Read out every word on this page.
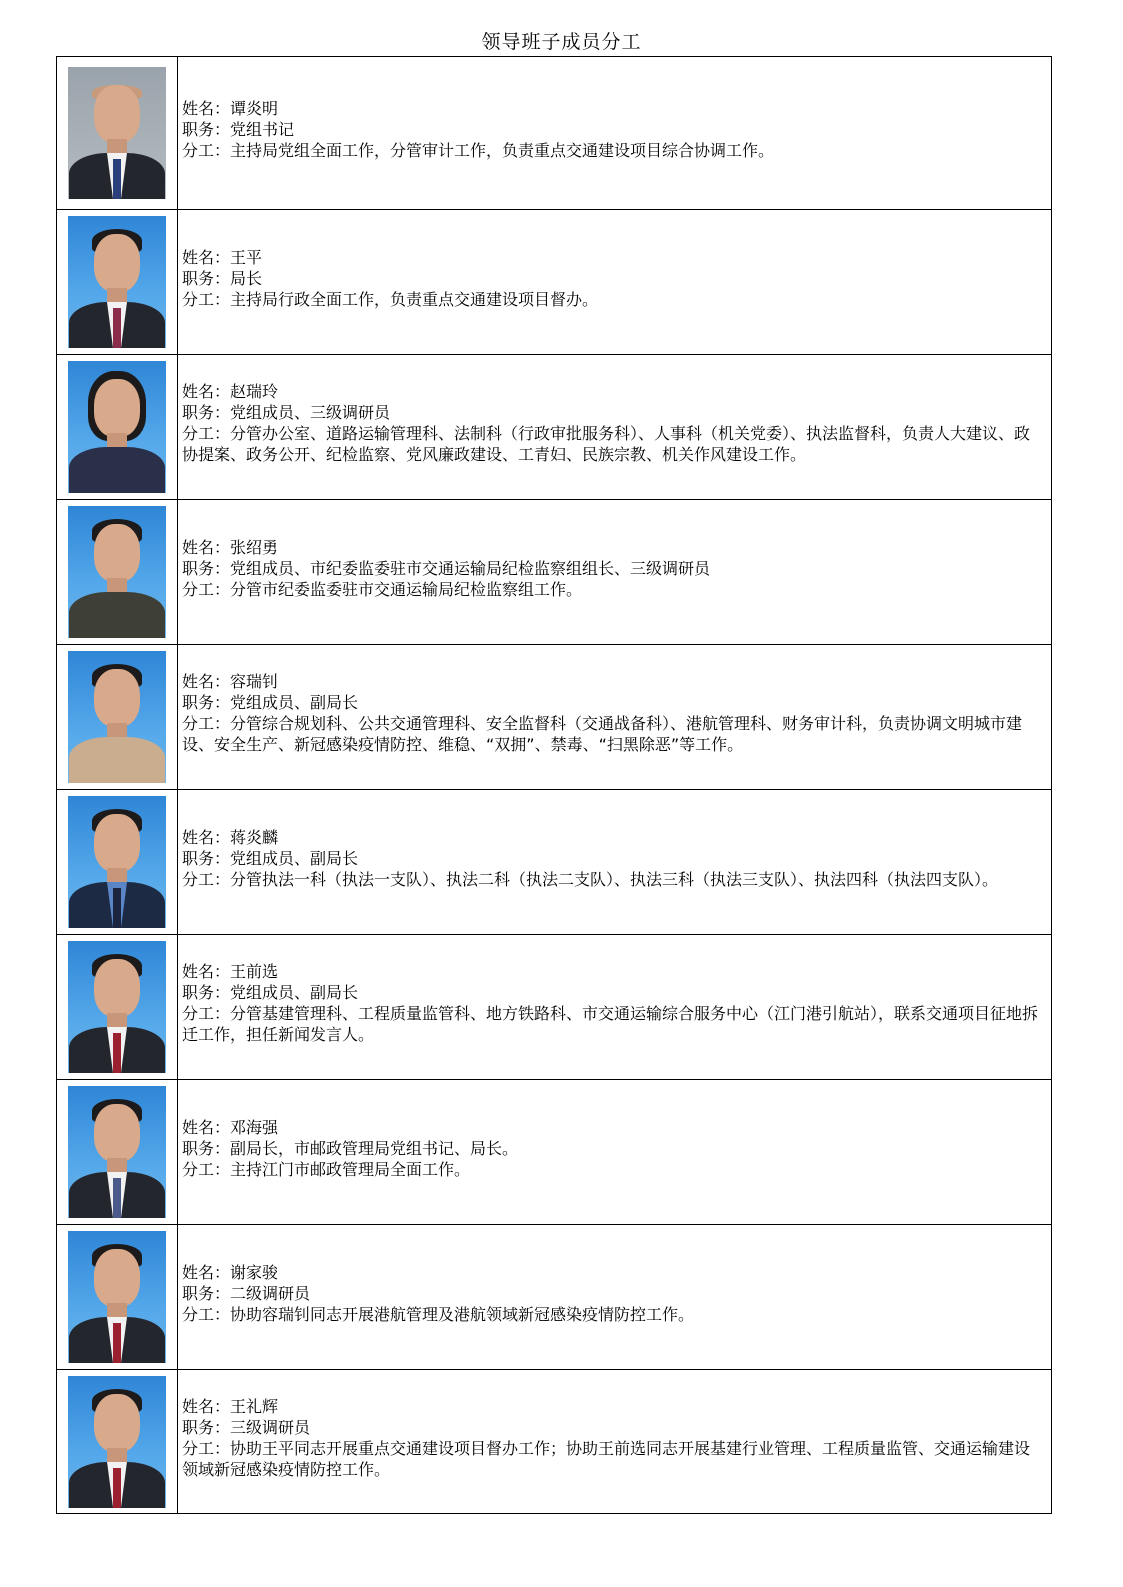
领导班子成员分工
姓名：谭炎明
职务：党组书记
分工：主持局党组全面工作，分管审计工作，负责重点交通建设项目综合协调工作。
姓名：王平
职务：局长
分工：主持局行政全面工作，负责重点交通建设项目督办。
姓名：赵瑞玲
职务：党组成员、三级调研员
分工：分管办公室、道路运输管理科、法制科（行政审批服务科）、人事科（机关党委）、执法监督科，负责人大建议、政协提案、政务公开、纪检监察、党风廉政建设、工青妇、民族宗教、机关作风建设工作。
姓名：张绍勇
职务：党组成员、市纪委监委驻市交通运输局纪检监察组组长、三级调研员
分工：分管市纪委监委驻市交通运输局纪检监察组工作。
姓名：容瑞钊
职务：党组成员、副局长
分工：分管综合规划科、公共交通管理科、安全监督科（交通战备科）、港航管理科、财务审计科，负责协调文明城市建设、安全生产、新冠感染疫情防控、维稳、“双拥”、禁毒、“扫黑除恶”等工作。
姓名：蒋炎麟
职务：党组成员、副局长
分工：分管执法一科（执法一支队）、执法二科（执法二支队）、执法三科（执法三支队）、执法四科（执法四支队）。
姓名：王前选
职务：党组成员、副局长
分工：分管基建管理科、工程质量监管科、地方铁路科、市交通运输综合服务中心（江门港引航站），联系交通项目征地拆迁工作，担任新闻发言人。
姓名：邓海强
职务：副局长，市邮政管理局党组书记、局长。
分工：主持江门市邮政管理局全面工作。
姓名：谢家骏
职务：二级调研员
分工：协助容瑞钊同志开展港航管理及港航领域新冠感染疫情防控工作。
姓名：王礼辉
职务：三级调研员
分工：协助王平同志开展重点交通建设项目督办工作；协助王前选同志开展基建行业管理、工程质量监管、交通运输建设领域新冠感染疫情防控工作。
